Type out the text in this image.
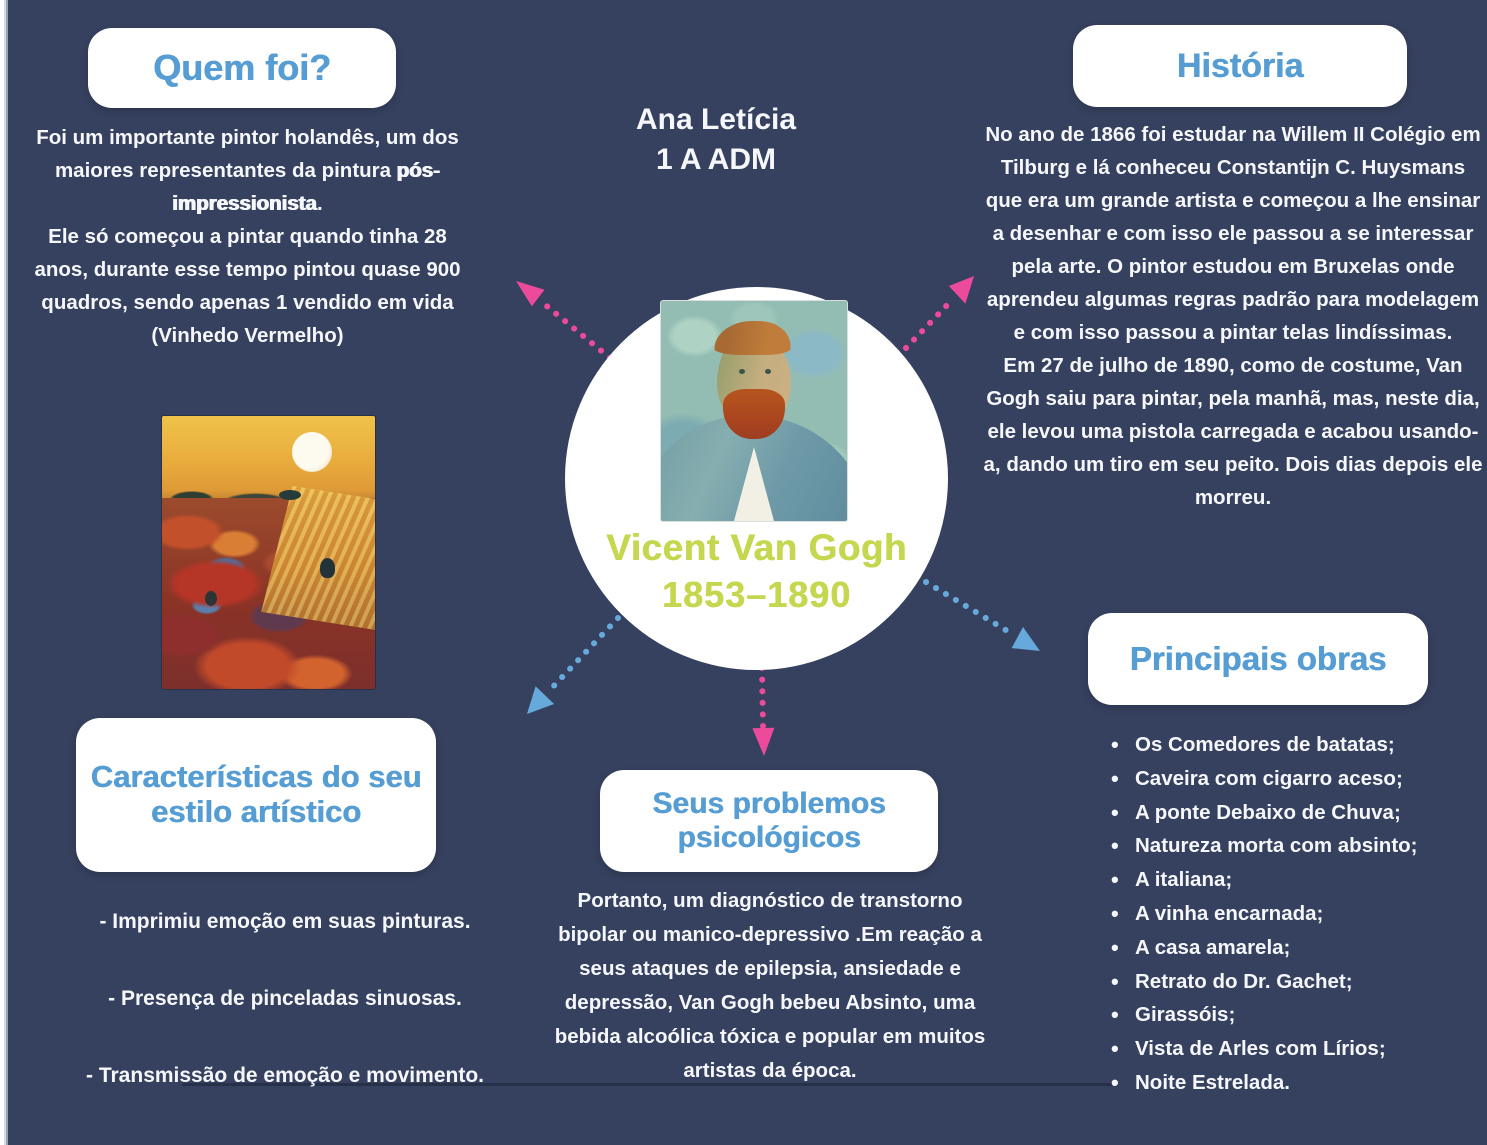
Quem foi?

Foi um importante pintor holandês, um dos maiores representantes da pintura pós-impressionista.

Ele só começou a pintar quando tinha 28 anos, durante esse tempo pintou quase 900 quadros, sendo apenas 1 vendido em vida (Vinhedo Vermelho)

Ana Letícia
1 A ADM
Vicent Van Gogh
1853–1890
História

No ano de 1866 foi estudar na Willem II Colégio em Tilburg e lá conheceu Constantijn C. Huysmans que era um grande artista e começou a lhe ensinar a desenhar e com isso ele passou a se interessar pela arte. O pintor estudou em Bruxelas onde aprendeu algumas regras padrão para modelagem e com isso passou a pintar telas lindíssimas.

Em 27 de julho de 1890, como de costume, Van Gogh saiu para pintar, pela manhã, mas, neste dia, ele levou uma pistola carregada e acabou usando-a, dando um tiro em seu peito. Dois dias depois ele morreu.

Principais obras
• Os Comedores de batatas;
• Caveira com cigarro aceso;
• A ponte Debaixo de Chuva;
• Natureza morta com absinto;
• A italiana;
• A vinha encarnada;
• A casa amarela;
• Retrato do Dr. Gachet;
• Girassóis;
• Vista de Arles com Lírios;
• Noite Estrelada.
Características do seu estilo artístico
- Imprimiu emoção em suas pinturas.
- Presença de pinceladas sinuosas.
- Transmissão de emoção e movimento.
Seus problemos psicológicos

Portanto, um diagnóstico de transtorno bipolar ou manico-depressivo .Em reação a seus ataques de epilepsia, ansiedade e depressão, Van Gogh bebeu Absinto, uma bebida alcoólica tóxica e popular em muitos artistas da época.
